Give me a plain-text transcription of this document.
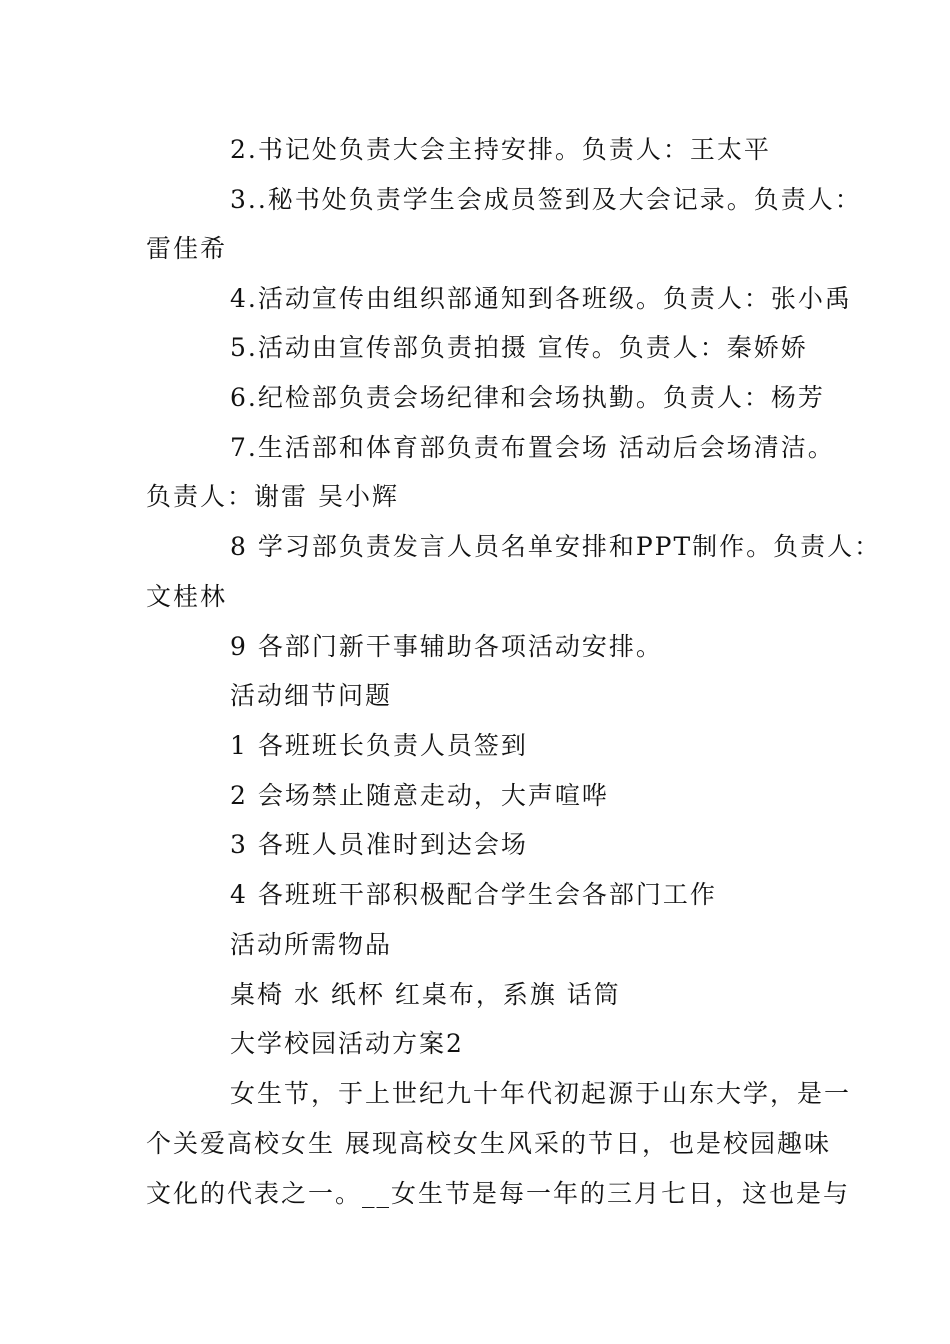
2.书记处负责大会主持安排。负责人：王太平
3..秘书处负责学生会成员签到及大会记录。负责人：
雷佳希
4.活动宣传由组织部通知到各班级。负责人：张小禹
5.活动由宣传部负责拍摄 宣传。负责人：秦娇娇
6.纪检部负责会场纪律和会场执勤。负责人：杨芳
7.生活部和体育部负责布置会场 活动后会场清洁。
负责人：谢雷 吴小辉
8 学习部负责发言人员名单安排和PPT制作。负责人：
文桂林
9 各部门新干事辅助各项活动安排。
活动细节问题
1 各班班长负责人员签到
2 会场禁止随意走动，大声喧哗
3 各班人员准时到达会场
4 各班班干部积极配合学生会各部门工作
活动所需物品
桌椅 水 纸杯 红桌布，系旗 话筒
大学校园活动方案2
女生节，于上世纪九十年代初起源于山东大学，是一
个关爱高校女生 展现高校女生风采的节日，也是校园趣味
文化的代表之一。__女生节是每一年的三月七日，这也是与
